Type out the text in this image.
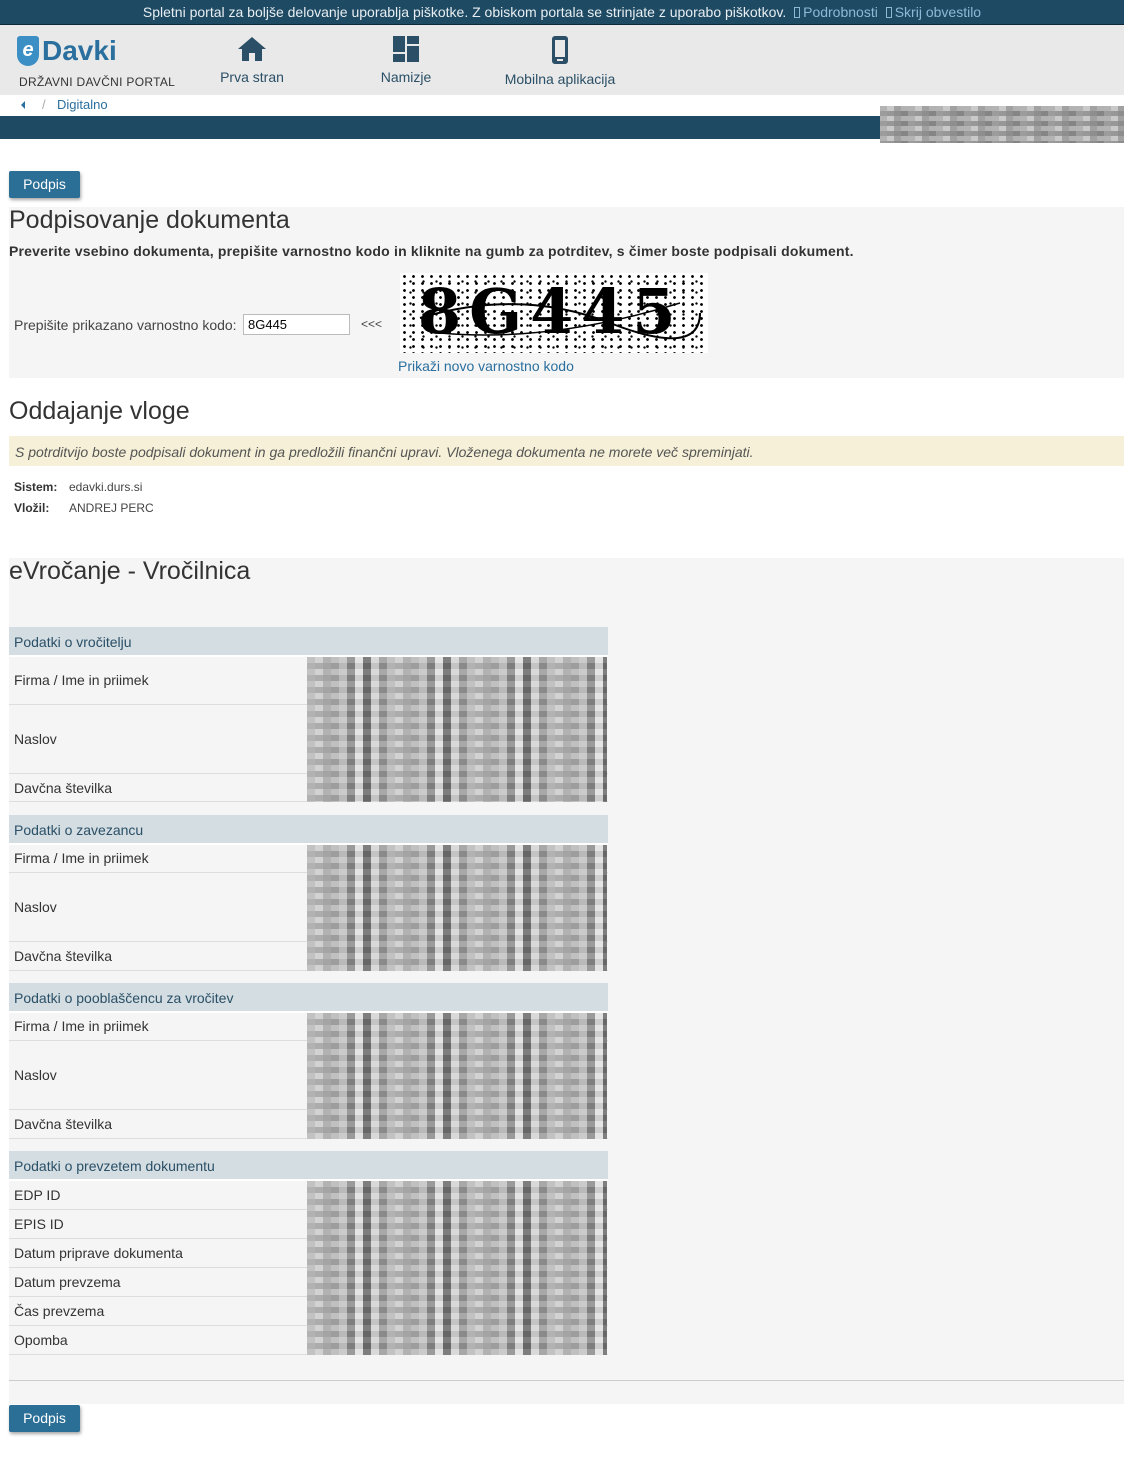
Spletni portal za boljše delovanje uporablja piškotke. Z obiskom portala se strinjate z uporabo piškotkov. Podrobnosti Skrij obvestilo
e Davki
DRŽAVNI DAVČNI PORTAL	Prva stran	Namizje	Mobilna aplikacija
/ Digitalno
Podpis
Podpisovanje dokumenta
Preverite vsebino dokumenta, prepišite varnostno kodo in kliknite na gumb za potrditev, s čimer boste podpisali dokument.
Prepišite prikazano varnostno kodo:
8G445	<<< 8G445
Prikaži novo varnostno kodo
Oddajanje vloge
S potrditvijo boste podpisali dokument in ga predložili finančni upravi. Vloženega dokumenta ne morete več spreminjati.
Sistem: edavki.durs.si
Vložil: ANDREJ PERC
eVročanje - Vročilnica
Podatki o vročitelju
Firma / Ime in priimek
Naslov
Davčna številka
Podatki o zavezancu
Firma / Ime in priimek
Naslov
Davčna številka
Podatki o pooblaščencu za vročitev
Firma / Ime in priimek
Naslov
Davčna številka
Podatki o prevzetem dokumentu
EDP ID
EPIS ID
Datum priprave dokumenta
Datum prevzema
Čas prevzema
Opomba
Podpis
